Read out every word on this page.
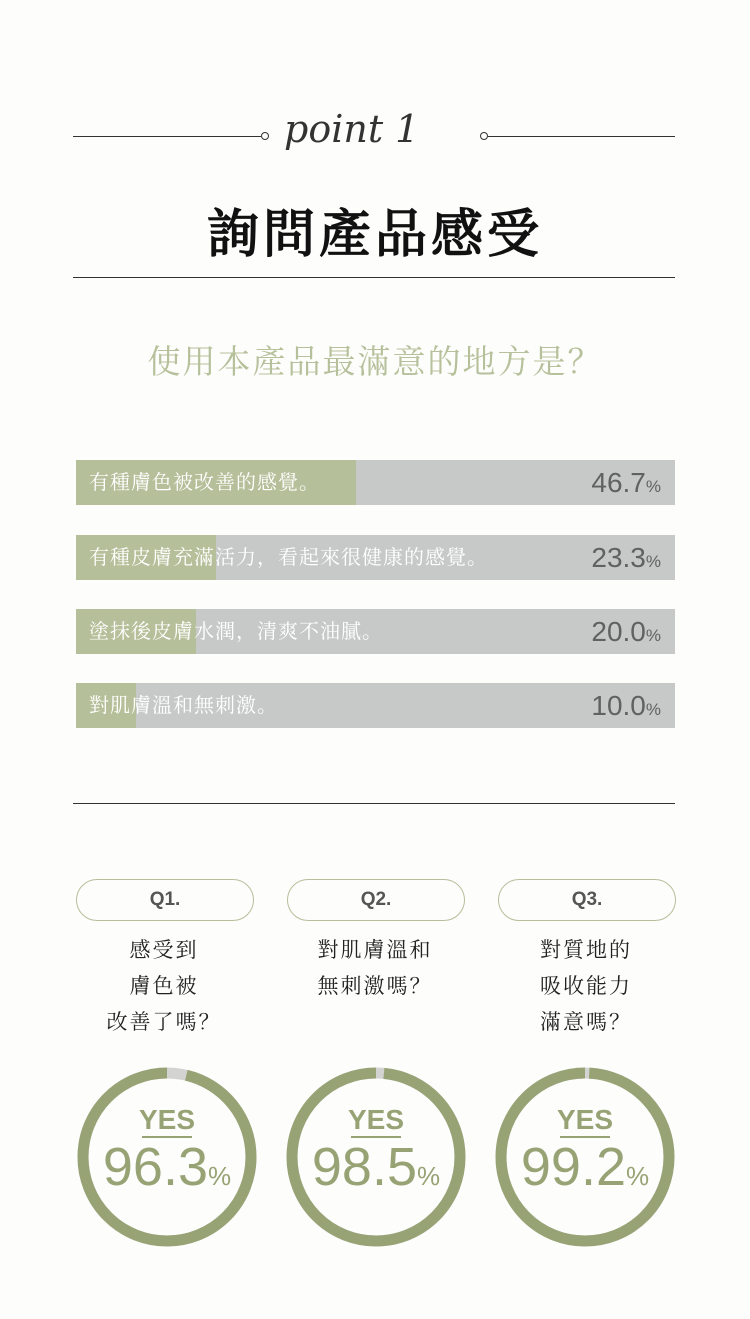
point 1
詢問產品感受
使用本產品最滿意的地方是？
有種膚色被改善的感覺。	46.7%
有種皮膚充滿活力，看起來很健康的感覺。	23.3%
塗抹後皮膚水潤，清爽不油膩。	20.0%
對肌膚溫和無刺激。	10.0%
Q1.	Q2.	Q3.
感受到
膚色被
改善了嗎？
對肌膚溫和
無刺激嗎？
對質地的
吸收能力
滿意嗎？
YES
96.3%
YES
98.5%
YES
99.2%
